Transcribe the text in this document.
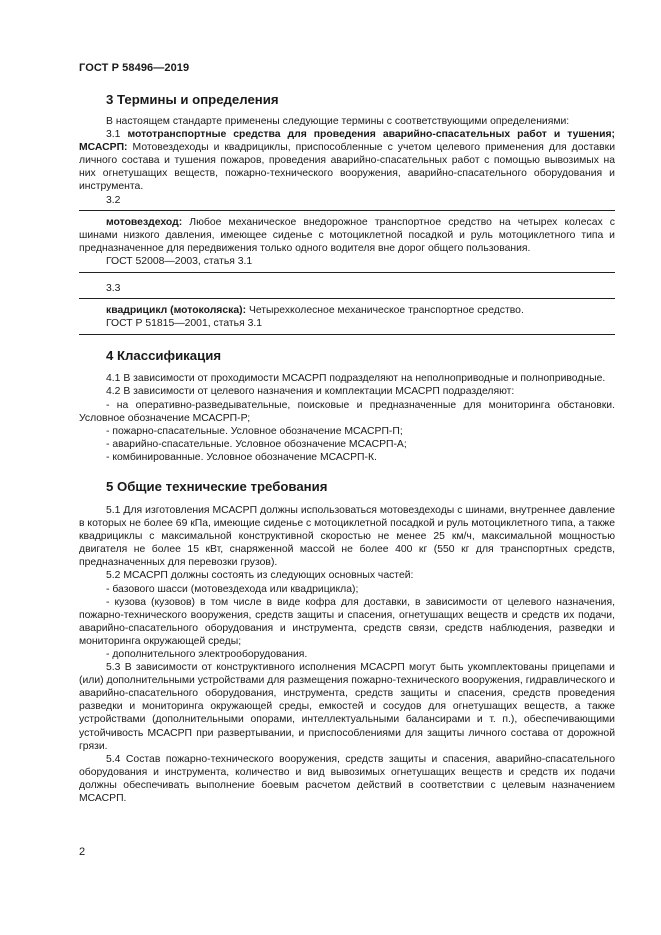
ГОСТ Р 58496—2019
3 Термины и определения

В настоящем стандарте применены следующие термины с соответствующими определениями:

3.1 мототранспортные средства для проведения аварийно-спасательных работ и тушения; МСАСРП: Мотовездеходы и квадрициклы, приспособленные с учетом целевого применения для доставки личного состава и тушения пожаров, проведения аварийно-спасательных работ с помощью вывозимых на них огнетушащих веществ, пожарно-технического вооружения, аварийно-спасательного оборудования и инструмента.

3.2

мотовездеход: Любое механическое внедорожное транспортное средство на четырех колесах с шинами низкого давления, имеющее сиденье с мотоциклетной посадкой и руль мотоциклетного типа и предназначенное для передвижения только одного водителя вне дорог общего пользования.

ГОСТ 52008—2003, статья 3.1

3.3

квадрицикл (мотоколяска): Четырехколесное механическое транспортное средство.

ГОСТ Р 51815—2001, статья 3.1

4 Классификация

4.1 В зависимости от проходимости МСАСРП подразделяют на неполноприводные и полноприводные.

4.2 В зависимости от целевого назначения и комплектации МСАСРП подразделяют:

- на оперативно-разведывательные, поисковые и предназначенные для мониторинга обстановки. Условное обозначение МСАСРП-Р;

- пожарно-спасательные. Условное обозначение МСАСРП-П;

- аварийно-спасательные. Условное обозначение МСАСРП-А;

- комбинированные. Условное обозначение МСАСРП-К.

5 Общие технические требования

5.1 Для изготовления МСАСРП должны использоваться мотовездеходы с шинами, внутреннее давление в которых не более 69 кПа, имеющие сиденье с мотоциклетной посадкой и руль мотоциклетного типа, а также квадрициклы с максимальной конструктивной скоростью не менее 25 км/ч, максимальной мощностью двигателя не более 15 кВт, снаряженной массой не более 400 кг (550 кг для транспортных средств, предназначенных для перевозки грузов).

5.2 МСАСРП должны состоять из следующих основных частей:

- базового шасси (мотовездехода или квадрицикла);

- кузова (кузовов) в том числе в виде кофра для доставки, в зависимости от целевого назначения, пожарно-технического вооружения, средств защиты и спасения, огнетушащих веществ и средств их подачи, аварийно-спасательного оборудования и инструмента, средств связи, средств наблюдения, разведки и мониторинга окружающей среды;

- дополнительного электрооборудования.

5.3 В зависимости от конструктивного исполнения МСАСРП могут быть укомплектованы прицепами и (или) дополнительными устройствами для размещения пожарно-технического вооружения, гидравлического и аварийно-спасательного оборудования, инструмента, средств защиты и спасения, средств проведения разведки и мониторинга окружающей среды, емкостей и сосудов для огнетушащих веществ, а также устройствами (дополнительными опорами, интеллектуальными балансирами и т. п.), обеспечивающими устойчивость МСАСРП при развертывании, и приспособлениями для защиты личного состава от дорожной грязи.

5.4 Состав пожарно-технического вооружения, средств защиты и спасения, аварийно-спасательного оборудования и инструмента, количество и вид вывозимых огнетушащих веществ и средств их подачи должны обеспечивать выполнение боевым расчетом действий в соответствии с целевым назначением МСАСРП.

2
